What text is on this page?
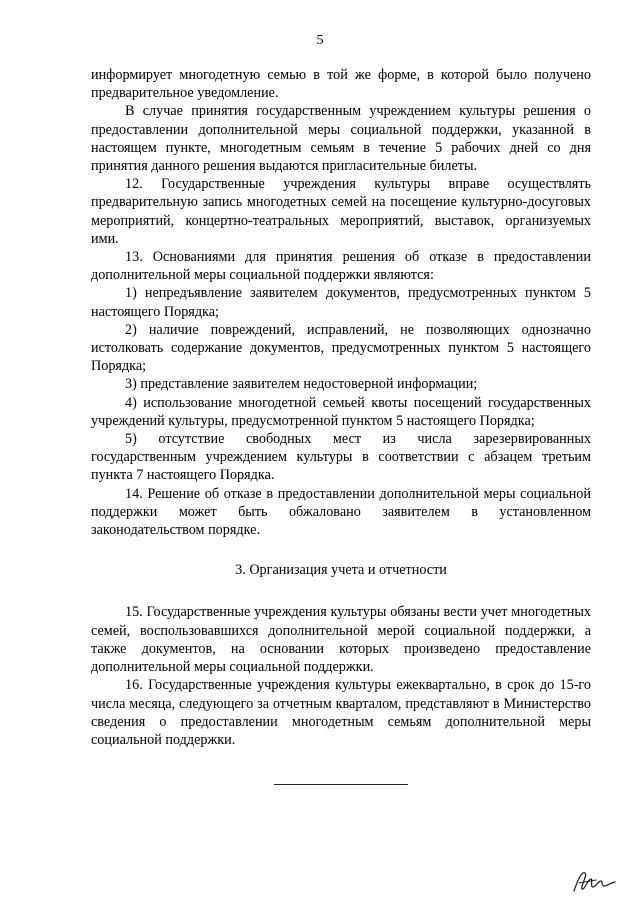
5

информирует многодетную семью в той же форме, в которой было получено предварительное уведомление.

В случае принятия государственным учреждением культуры решения о предоставлении дополнительной меры социальной поддержки, указанной в настоящем пункте, многодетным семьям в течение 5 рабочих дней со дня принятия данного решения выдаются пригласительные билеты.

12. Государственные учреждения культуры вправе осуществлять предварительную запись многодетных семей на посещение культурно-досуговых мероприятий, концертно-театральных мероприятий, выставок, организуемых ими.

13. Основаниями для принятия решения об отказе в предоставлении дополнительной меры социальной поддержки являются:

1) непредъявление заявителем документов, предусмотренных пунктом 5 настоящего Порядка;

2) наличие повреждений, исправлений, не позволяющих однозначно истолковать содержание документов, предусмотренных пунктом 5 настоящего Порядка;

3) представление заявителем недостоверной информации;

4) использование многодетной семьей квоты посещений государственных учреждений культуры, предусмотренной пунктом 5 настоящего Порядка;

5) отсутствие свободных мест из числа зарезервированных государственным учреждением культуры в соответствии с абзацем третьим пункта 7 настоящего Порядка.

14. Решение об отказе в предоставлении дополнительной меры социальной поддержки может быть обжаловано заявителем в установленном законодательством порядке.

3. Организация учета и отчетности

15. Государственные учреждения культуры обязаны вести учет многодетных семей, воспользовавшихся дополнительной мерой социальной поддержки, а также документов, на основании которых произведено предоставление дополнительной меры социальной поддержки.

16. Государственные учреждения культуры ежеквартально, в срок до 15-го числа месяца, следующего за отчетным кварталом, представляют в Министерство сведения о предоставлении многодетным семьям дополнительной меры социальной поддержки.
